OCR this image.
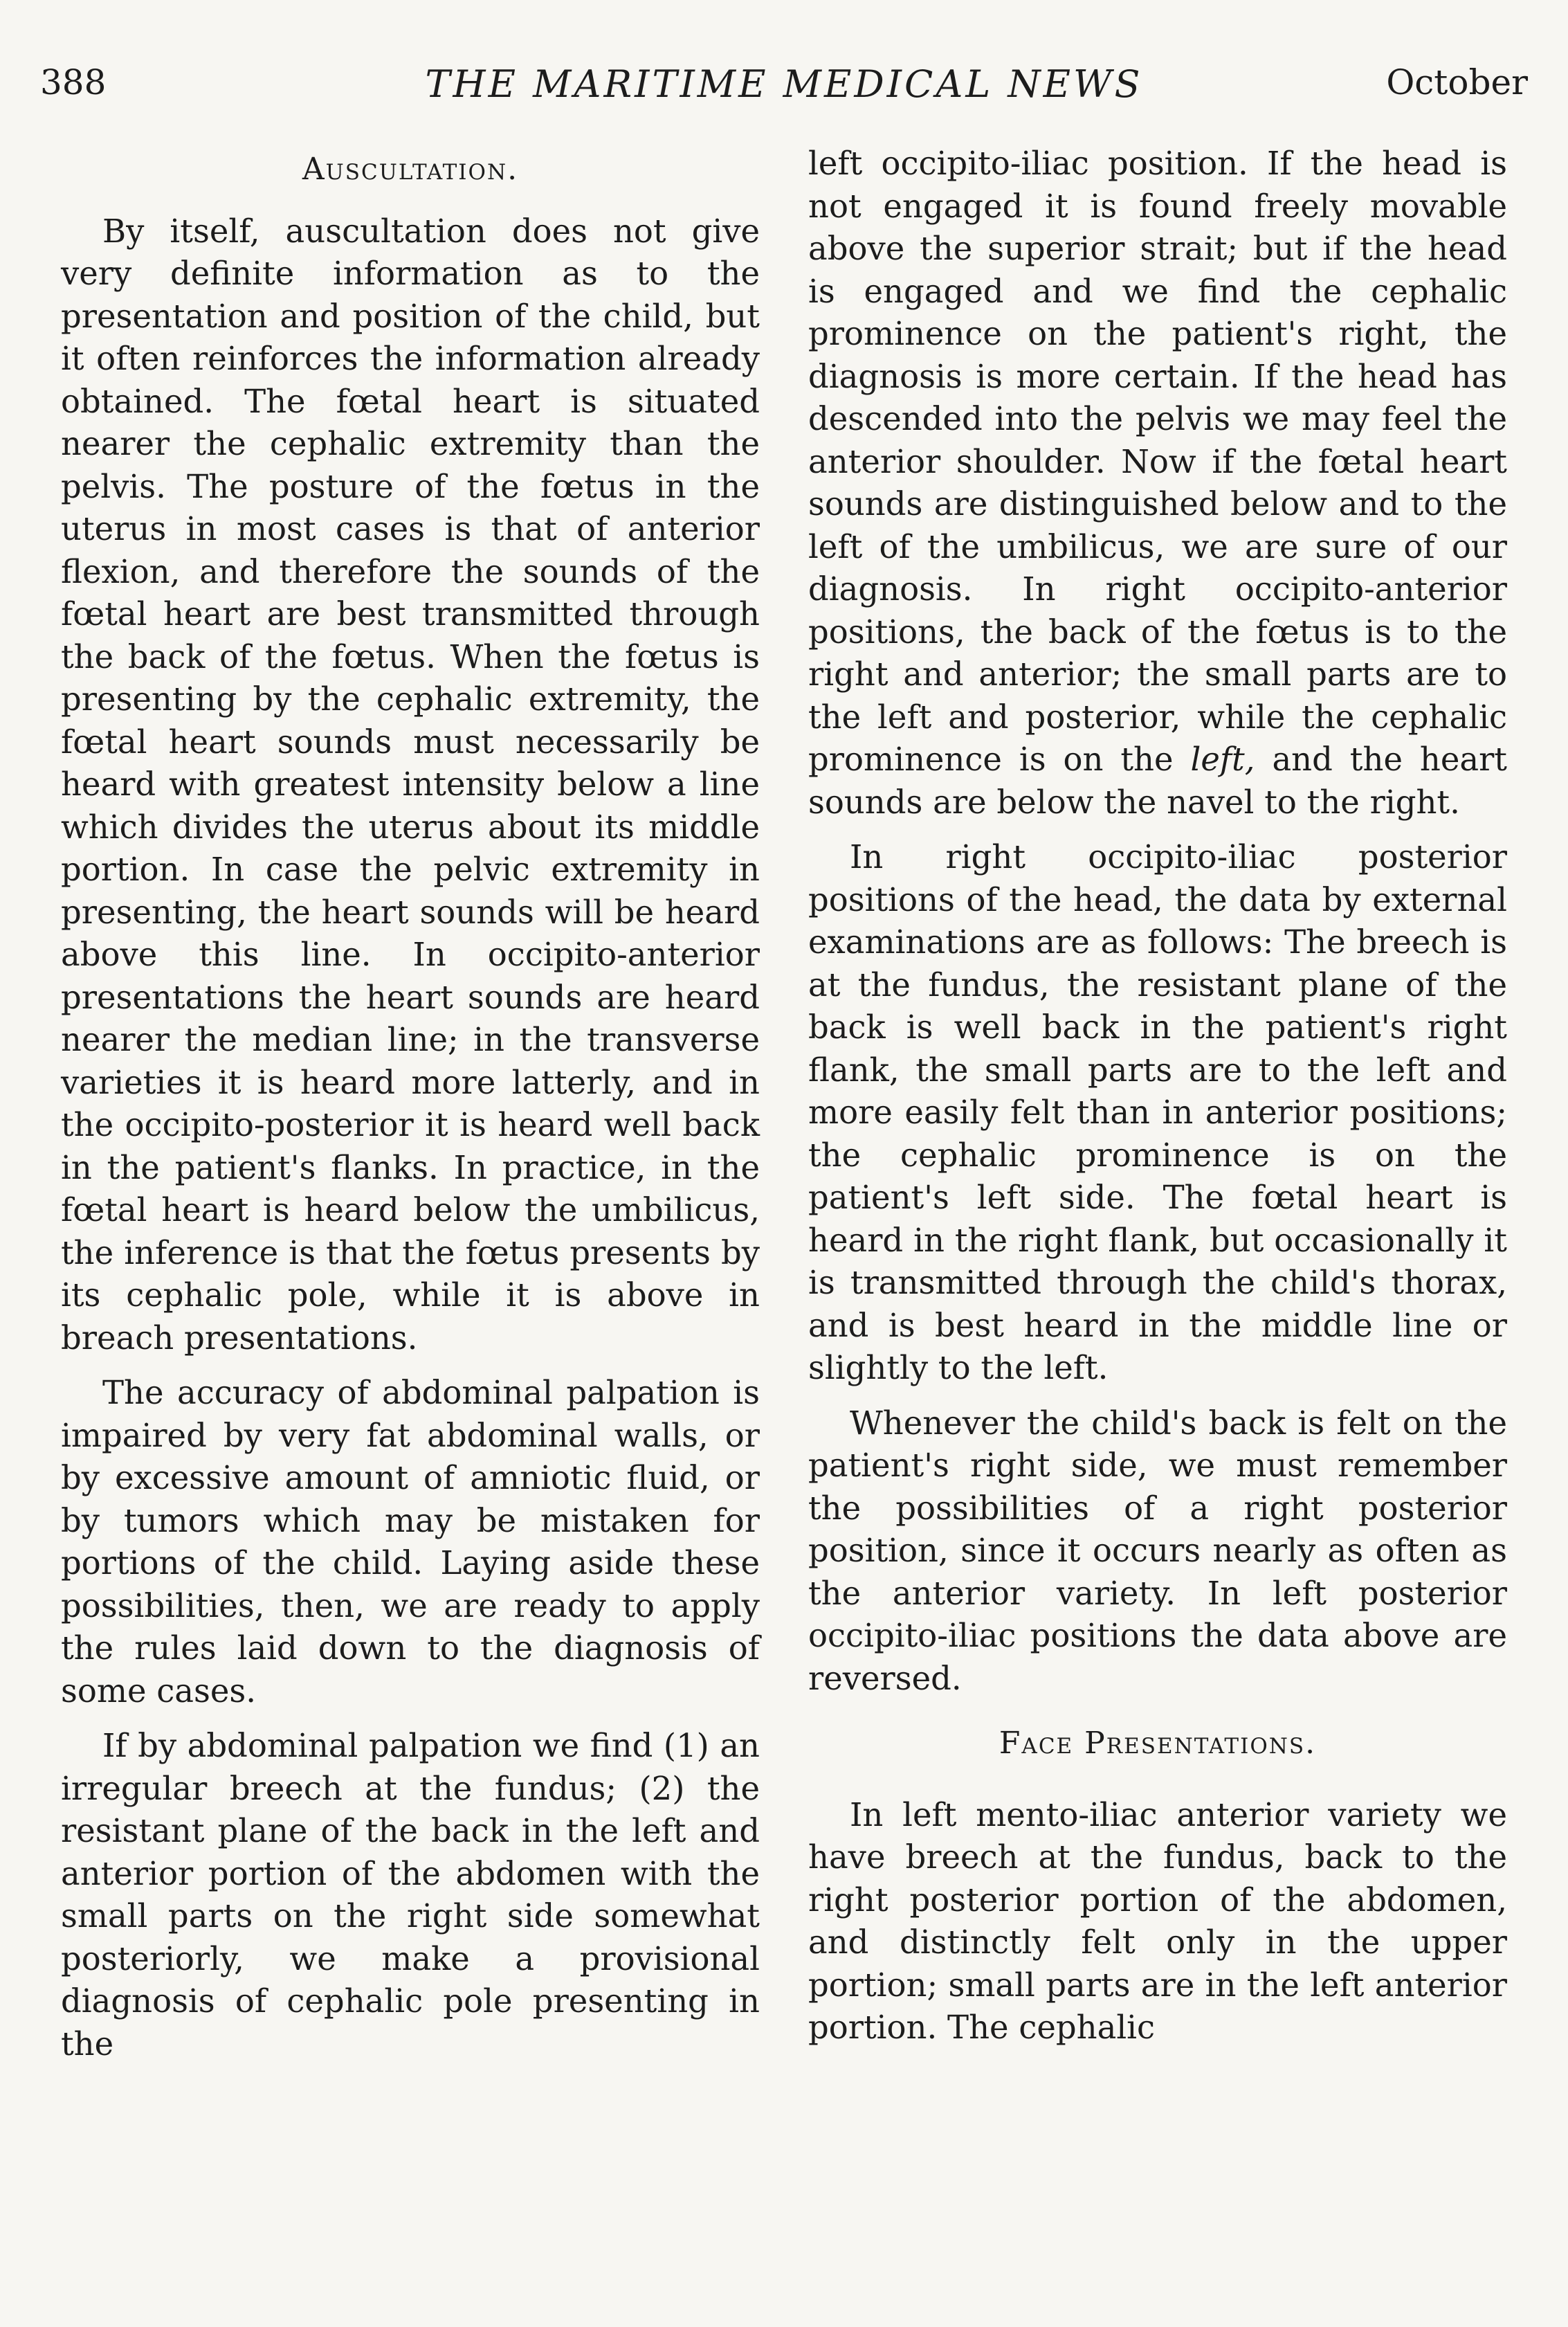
388	THE MARITIME MEDICAL NEWS	October
Auscultation.

By itself, auscultation does not give very definite information as to the presentation and position of the child, but it often reinforces the information already obtained. The fœtal heart is situated nearer the cephalic extremity than the pelvis. The posture of the fœtus in the uterus in most cases is that of anterior flexion, and therefore the sounds of the fœtal heart are best transmitted through the back of the fœtus. When the fœtus is presenting by the cephalic extremity, the fœtal heart sounds must necessarily be heard with greatest intensity below a line which divides the uterus about its middle portion. In case the pelvic extremity in presenting, the heart sounds will be heard above this line. In occipito-anterior presentations the heart sounds are heard nearer the median line; in the transverse varieties it is heard more latterly, and in the occipito-posterior it is heard well back in the patient's flanks. In practice, in the fœtal heart is heard below the umbilicus, the inference is that the fœtus presents by its cephalic pole, while it is above in breach presentations.

The accuracy of abdominal palpation is impaired by very fat abdominal walls, or by excessive amount of amniotic fluid, or by tumors which may be mistaken for portions of the child. Laying aside these possibilities, then, we are ready to apply the rules laid down to the diagnosis of some cases.

If by abdominal palpation we find (1) an irregular breech at the fundus; (2) the resistant plane of the back in the left and anterior portion of the abdomen with the small parts on the right side somewhat posteriorly, we make a provisional diagnosis of cephalic pole presenting in the

left occipito-iliac position. If the head is not engaged it is found freely movable above the superior strait; but if the head is engaged and we find the cephalic prominence on the patient's right, the diagnosis is more certain. If the head has descended into the pelvis we may feel the anterior shoulder. Now if the fœtal heart sounds are distinguished below and to the left of the umbilicus, we are sure of our diagnosis. In right occipito-anterior positions, the back of the fœtus is to the right and anterior; the small parts are to the left and posterior, while the cephalic prominence is on the left, and the heart sounds are below the navel to the right.

In right occipito-iliac posterior positions of the head, the data by external examinations are as follows: The breech is at the fundus, the resistant plane of the back is well back in the patient's right flank, the small parts are to the left and more easily felt than in anterior positions; the cephalic prominence is on the patient's left side. The fœtal heart is heard in the right flank, but occasionally it is transmitted through the child's thorax, and is best heard in the middle line or slightly to the left.

Whenever the child's back is felt on the patient's right side, we must remember the possibilities of a right posterior position, since it occurs nearly as often as the anterior variety. In left posterior occipito-iliac positions the data above are reversed.

Face Presentations.

In left mento-iliac anterior variety we have breech at the fundus, back to the right posterior portion of the abdomen, and distinctly felt only in the upper portion; small parts are in the left anterior portion. The cephalic
